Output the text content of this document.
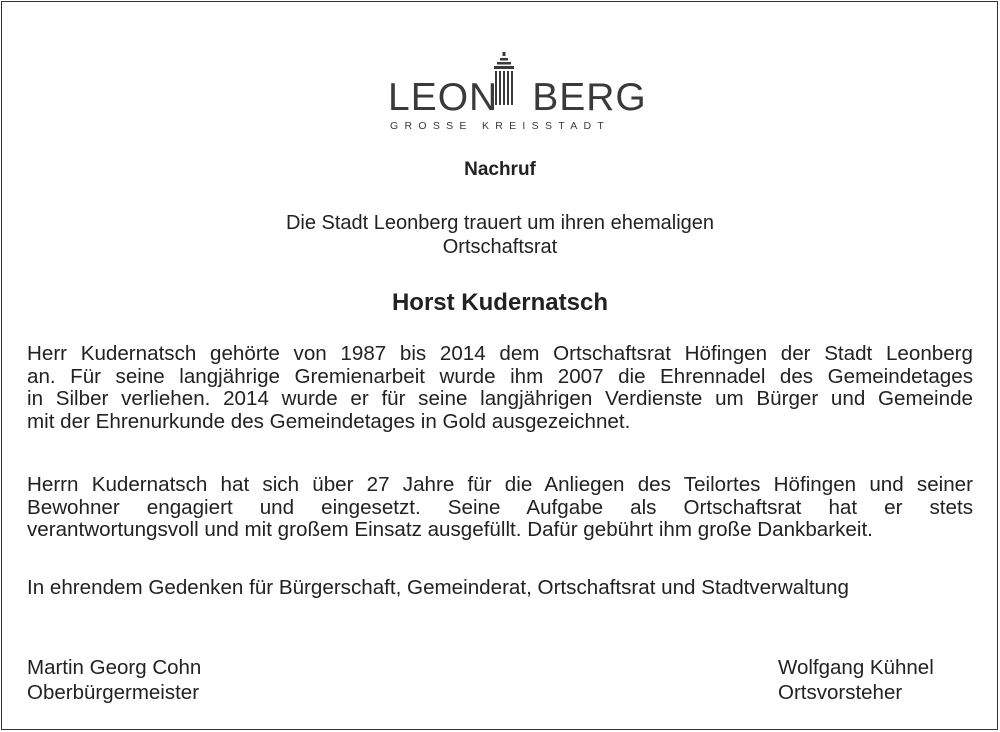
LEON BERG
GROSSE KREISSTADT
Nachruf
Die Stadt Leonberg trauert um ihren ehemaligen
Ortschaftsrat
Horst Kudernatsch
Herr Kudernatsch gehörte von 1987 bis 2014 dem Ortschaftsrat Höfingen der Stadt Leonberg
an. Für seine langjährige Gremienarbeit wurde ihm 2007 die Ehrennadel des Gemeindetages
in Silber verliehen. 2014 wurde er für seine langjährigen Verdienste um Bürger und Gemeinde
mit der Ehrenurkunde des Gemeindetages in Gold ausgezeichnet.
Herrn Kudernatsch hat sich über 27 Jahre für die Anliegen des Teilortes Höfingen und seiner
Bewohner engagiert und eingesetzt. Seine Aufgabe als Ortschaftsrat hat er stets
verantwortungsvoll und mit großem Einsatz ausgefüllt. Dafür gebührt ihm große Dankbarkeit.
In ehrendem Gedenken für Bürgerschaft, Gemeinderat, Ortschaftsrat und Stadtverwaltung
Martin Georg Cohn
Oberbürgermeister
Wolfgang Kühnel
Ortsvorsteher
